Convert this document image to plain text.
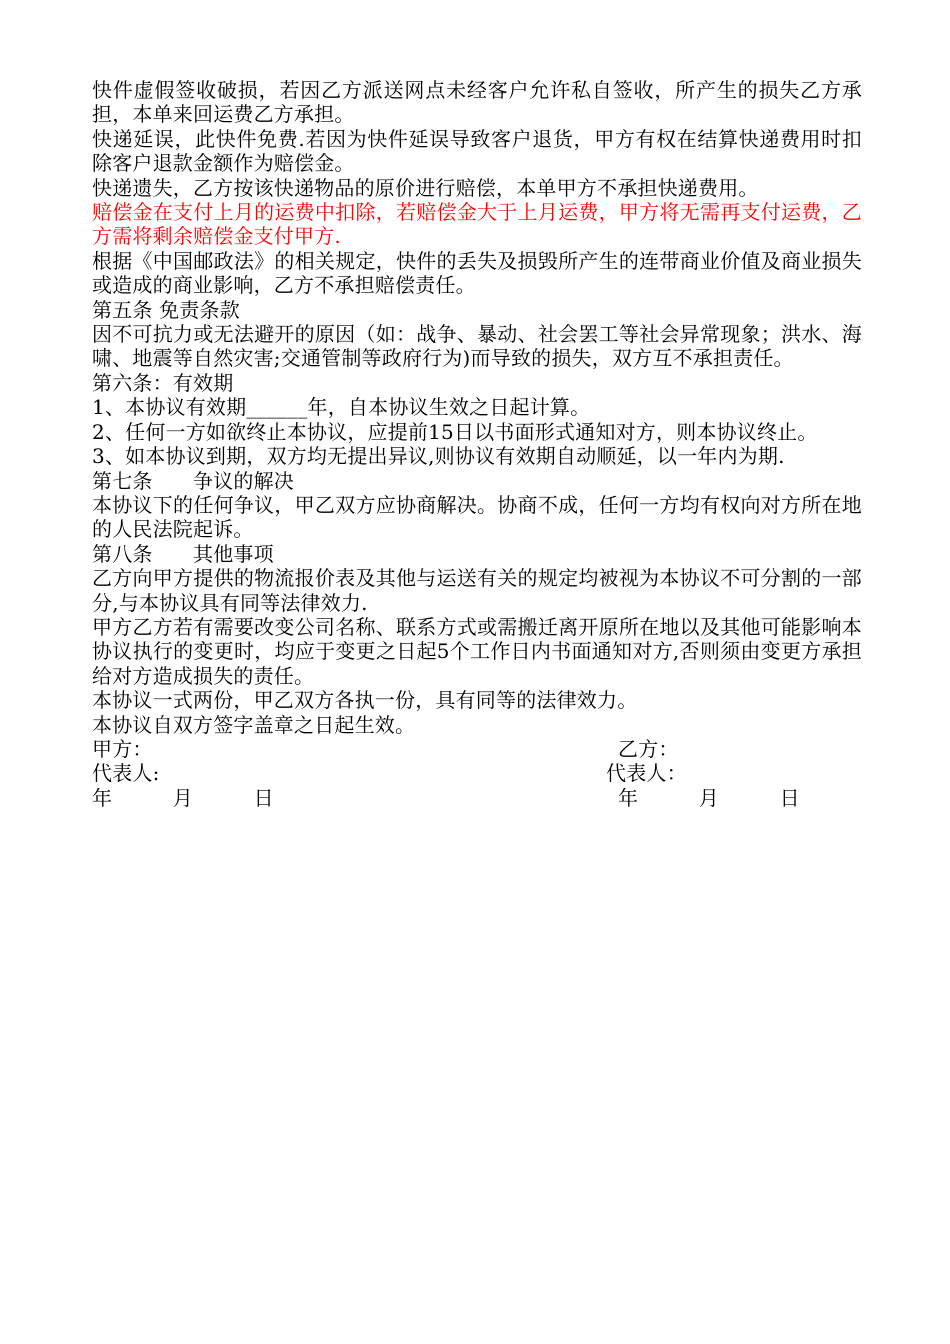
快件虚假签收破损，若因乙方派送网点未经客户允许私自签收，所产生的损失乙方承担，本单来回运费乙方承担。

快递延误，此快件免费.若因为快件延误导致客户退货，甲方有权在结算快递费用时扣除客户退款金额作为赔偿金。

快递遗失，乙方按该快递物品的原价进行赔偿，本单甲方不承担快递费用。

赔偿金在支付上月的运费中扣除，若赔偿金大于上月运费，甲方将无需再支付运费，乙方需将剩余赔偿金支付甲方.

根据《中国邮政法》的相关规定，快件的丢失及损毁所产生的连带商业价值及商业损失或造成的商业影响，乙方不承担赔偿责任。

第五条 免责条款

因不可抗力或无法避开的原因（如：战争、暴动、社会罢工等社会异常现象；洪水、海啸、地震等自然灾害;交通管制等政府行为)而导致的损失，双方互不承担责任。

第六条：有效期

1、本协议有效期______年，自本协议生效之日起计算。

2、任何一方如欲终止本协议，应提前15日以书面形式通知对方，则本协议终止。

3、如本协议到期，双方均无提出异议,则协议有效期自动顺延，以一年内为期.

第七条　　争议的解决

本协议下的任何争议，甲乙双方应协商解决。协商不成，任何一方均有权向对方所在地的人民法院起诉。

第八条　　其他事项

乙方向甲方提供的物流报价表及其他与运送有关的规定均被视为本协议不可分割的一部分,与本协议具有同等法律效力.

甲方乙方若有需要改变公司名称、联系方式或需搬迁离开原所在地以及其他可能影响本协议执行的变更时，均应于变更之日起5个工作日内书面通知对方,否则须由变更方承担给对方造成损失的责任。

本协议一式两份，甲乙双方各执一份，具有同等的法律效力。

本协议自双方签字盖章之日起生效。

甲方：

	乙方：

代表人:

	代表人：

年　　　月　　　日

	年　　　月　　　日
